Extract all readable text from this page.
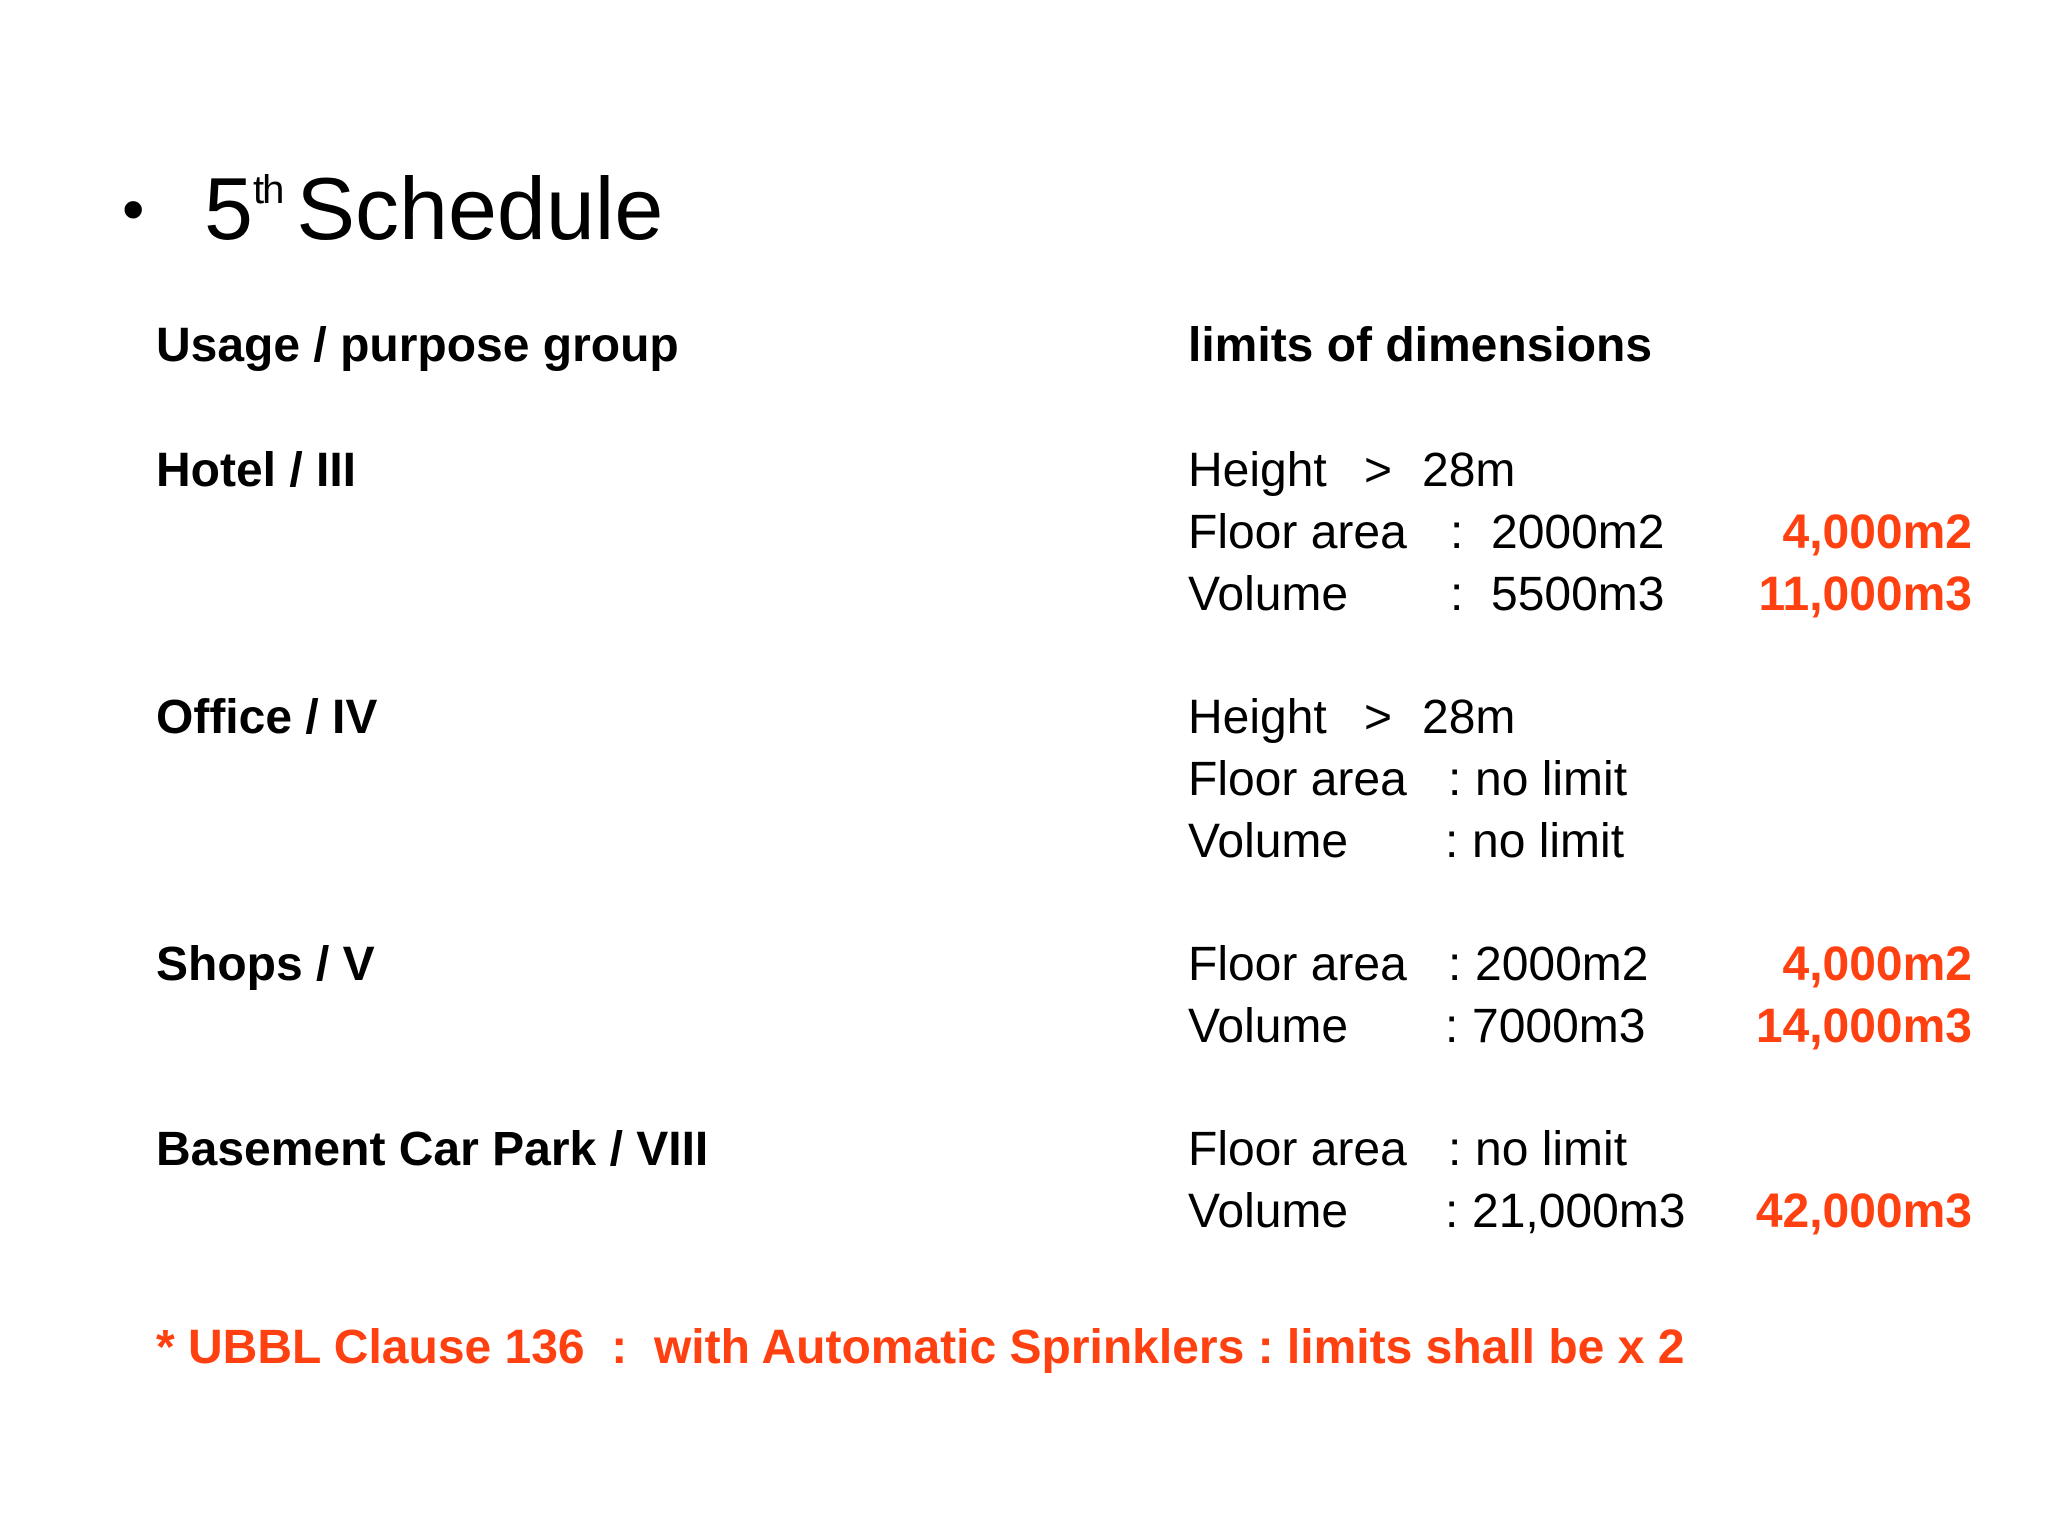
• 5th Schedule
Usage / purpose group	limits of dimensions
Hotel / III	Height > 28m
Floor area : 2000m2 4,000m2
Volume : 5500m3 11,000m3
Office / IV	Height > 28m
Floor area : no limit
Volume : no limit
Shops / V	Floor area : 2000m2	4,000m2
Volume : 7000m3 14,000m3
Basement Car Park / VIII	Floor area : no limit
Volume : 21,000m3 42,000m3
* UBBL Clause 136  :  with Automatic Sprinklers : limits shall be x 2
